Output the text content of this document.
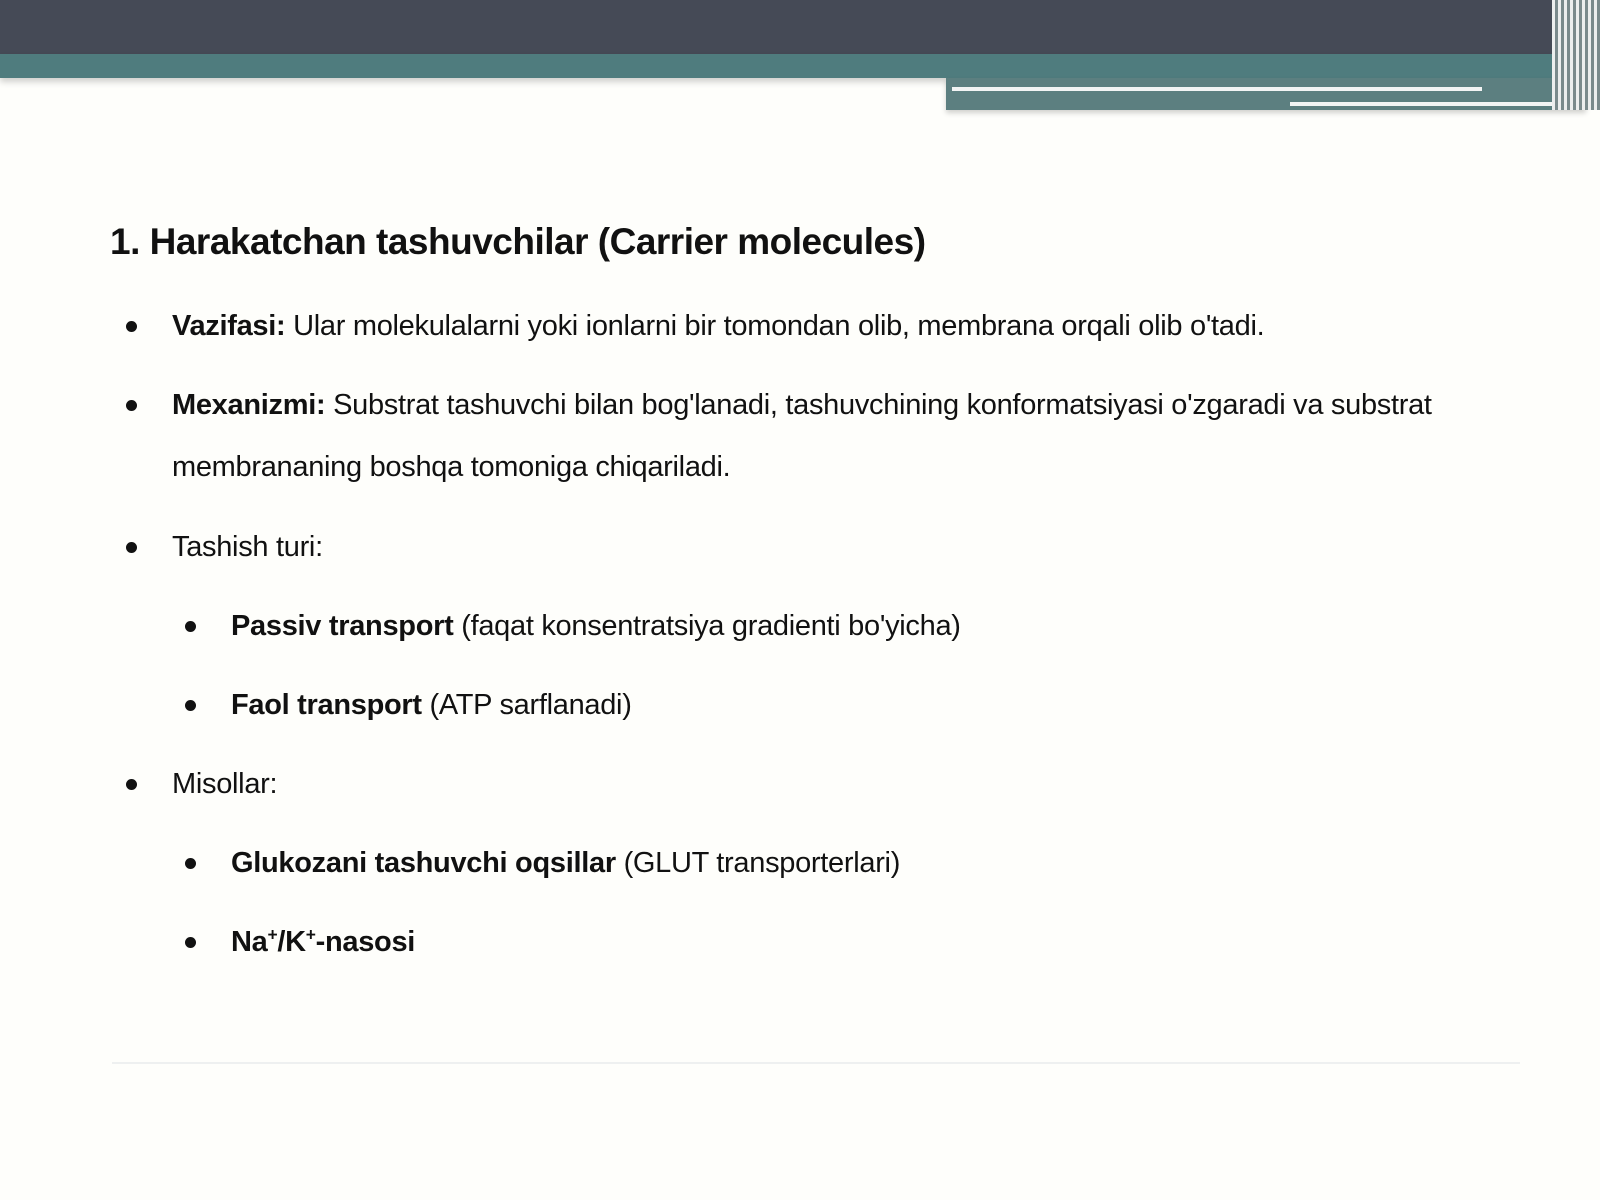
1. Harakatchan tashuvchilar (Carrier molecules)
Vazifasi: Ular molekulalarni yoki ionlarni bir tomondan olib, membrana orqali olib o'tadi.
Mexanizmi: Substrat tashuvchi bilan bog'lanadi, tashuvchining konformatsiyasi o'zgaradi va substrat membrananing boshqa tomoniga chiqariladi.
Tashish turi:
Passiv transport (faqat konsentratsiya gradienti bo'yicha)
Faol transport (ATP sarflanadi)
Misollar:
Glukozani tashuvchi oqsillar (GLUT transporterlari)
Na+/K+-nasosi
